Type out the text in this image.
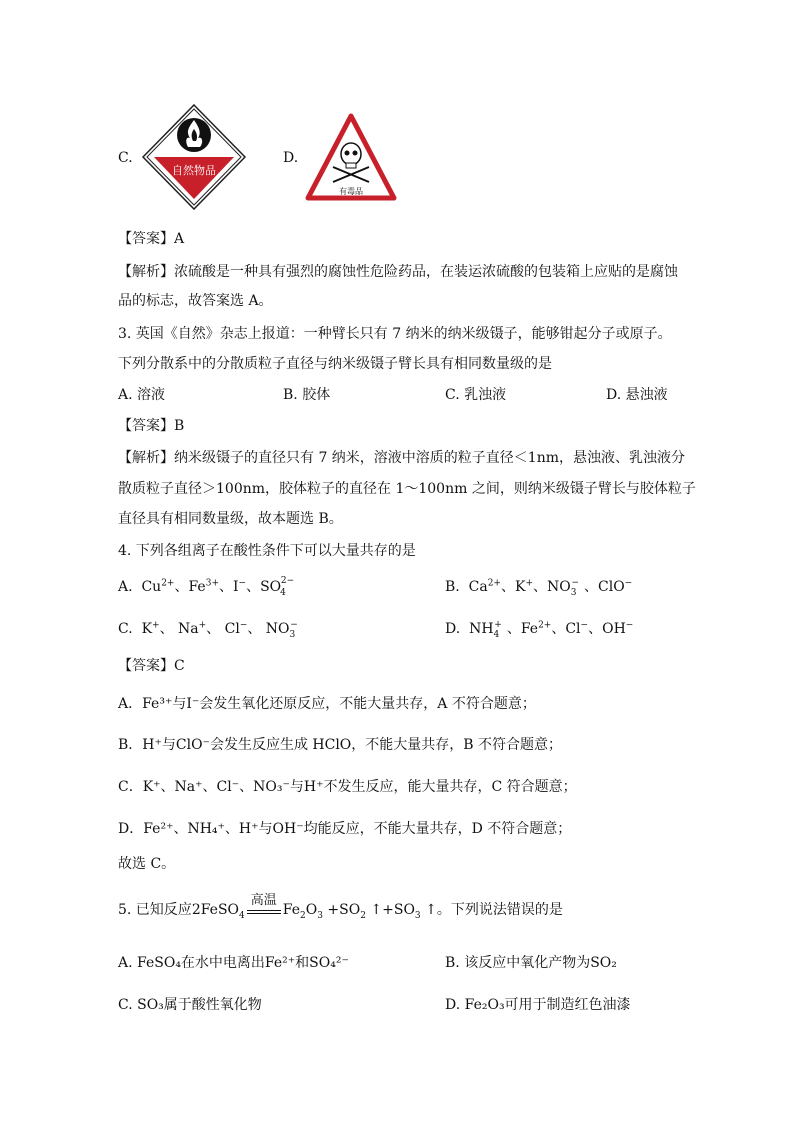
C.
自然物品
D.
有毒品
【答案】A
【解析】浓硫酸是一种具有强烈的腐蚀性危险药品，在装运浓硫酸的包装箱上应贴的是腐蚀
品的标志，故答案选 A。
3. 英国《自然》杂志上报道：一种臂长只有 7 纳米的纳米级镊子，能够钳起分子或原子。
下列分散系中的分散质粒子直径与纳米级镊子臂长具有相同数量级的是
A. 溶液	B. 胶体	C. 乳浊液	D. 悬浊液
【答案】B
【解析】纳米级镊子的直径只有 7 纳米，溶液中溶质的粒子直径＜1nm，悬浊液、乳浊液分
散质粒子直径＞100nm，胶体粒子的直径在 1～100nm 之间，则纳米级镊子臂长与胶体粒子
直径具有相同数量级，故本题选 B。
4. 下列各组离子在酸性条件下可以大量共存的是
A.  $Cu^{2+}$、$Fe^{3+}$、I−、$SO_4^{2-}$	B.  $Ca^{2+}$、K+、$NO_3^-$ 、ClO−
C.  K+、 Na+、 Cl−、 $NO_3^-$	D.  $NH_4^+$ 、$Fe^{2+}$、Cl−、OH−
【答案】C
A．Fe³⁺与I⁻会发生氧化还原反应，不能大量共存，A 不符合题意；
B．H⁺与ClO⁻会发生反应生成 HClO，不能大量共存，B 不符合题意；
C．K⁺、Na⁺、Cl⁻、NO₃⁻与H⁺不发生反应，能大量共存，C 符合题意；
D．Fe²⁺、NH₄⁺、H⁺与OH⁻均能反应，不能大量共存，D 不符合题意；
故选 C。
5. 已知反应2FeSO$_4$
高温
$Fe_2O_3 +SO_2$ $↑+SO_3$ ↑。下列说法错误的是
A. FeSO₄在水中电离出Fe²⁺和SO₄²⁻	B. 该反应中氧化产物为SO₂
C. SO₃属于酸性氧化物	D. Fe₂O₃可用于制造红色油漆
